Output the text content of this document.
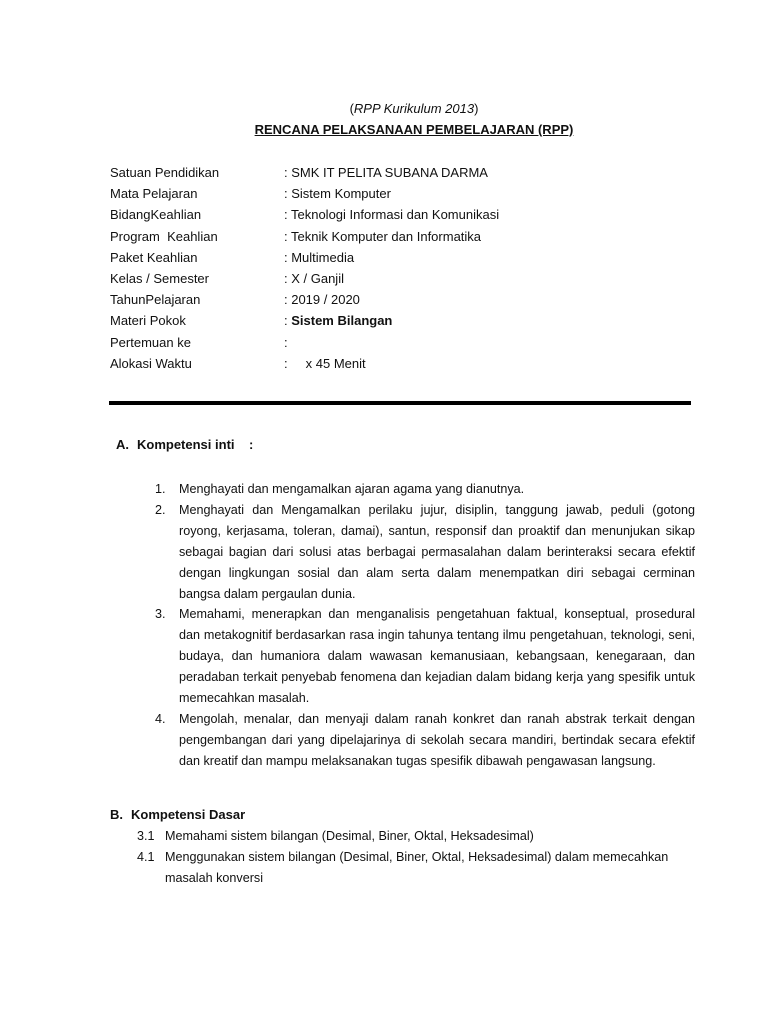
(RPP Kurikulum 2013)
RENCANA PELAKSANAAN PEMBELAJARAN (RPP)
Satuan Pendidikan	: SMK IT PELITA SUBANA DARMA
Mata Pelajaran	: Sistem Komputer
BidangKeahlian	: Teknologi Informasi dan Komunikasi
Program  Keahlian	: Teknik Komputer dan Informatika
Paket Keahlian	: Multimedia
Kelas / Semester	: X / Ganjil
TahunPelajaran	: 2019 / 2020
Materi Pokok	: Sistem Bilangan
Pertemuan ke	:
Alokasi Waktu	:     x 45 Menit
A. Kompetensi inti    :
1.	Menghayati dan mengamalkan ajaran agama yang dianutnya.
2.	Menghayati dan Mengamalkan perilaku jujur, disiplin, tanggung jawab, peduli (gotong royong, kerjasama, toleran, damai), santun, responsif dan proaktif dan menunjukan sikap sebagai bagian dari solusi atas berbagai permasalahan dalam berinteraksi secara efektif dengan lingkungan sosial dan alam serta dalam menempatkan diri sebagai cerminan bangsa dalam pergaulan dunia.
3.	Memahami, menerapkan dan menganalisis pengetahuan faktual, konseptual, prosedural dan metakognitif berdasarkan rasa ingin tahunya tentang ilmu pengetahuan, teknologi, seni, budaya, dan humaniora dalam wawasan kemanusiaan, kebangsaan, kenegaraan, dan peradaban terkait penyebab fenomena dan kejadian dalam bidang kerja yang spesifik untuk memecahkan masalah.
4.	Mengolah, menalar, dan menyaji dalam ranah konkret dan ranah abstrak terkait dengan pengembangan dari yang dipelajarinya di sekolah secara mandiri, bertindak secara efektif dan kreatif dan mampu melaksanakan tugas spesifik dibawah pengawasan langsung.
B. Kompetensi Dasar
3.1 Memahami sistem bilangan (Desimal, Biner, Oktal, Heksadesimal)
4.1 Menggunakan sistem bilangan (Desimal, Biner, Oktal, Heksadesimal) dalam memecahkan masalah konversi
